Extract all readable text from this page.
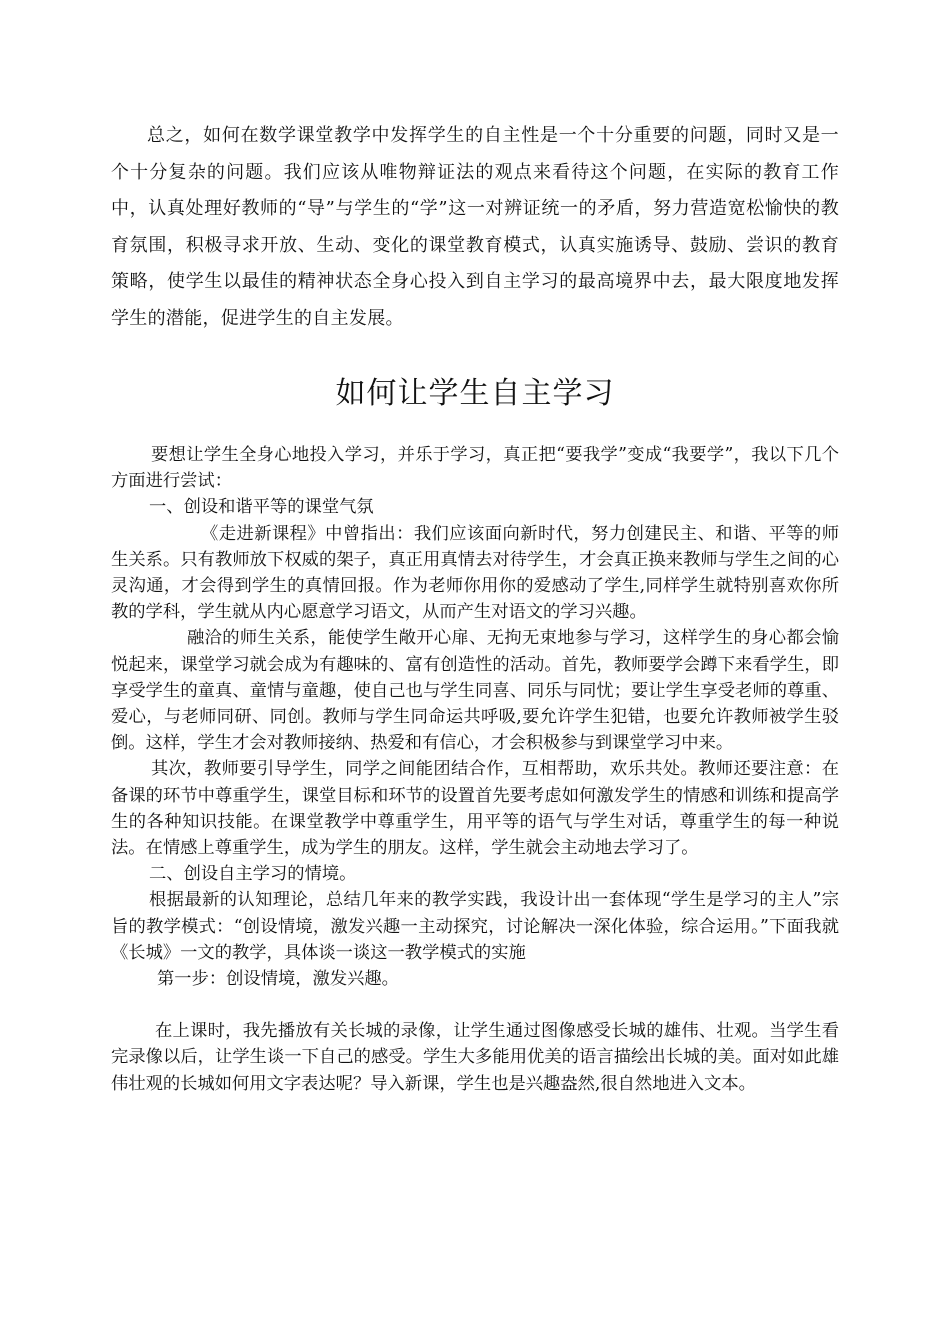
总之，如何在数学课堂教学中发挥学生的自主性是一个十分重要的问题，同时又是一个十分复杂的问题。我们应该从唯物辩证法的观点来看待这个问题，在实际的教育工作中，认真处理好教师的“导”与学生的“学”这一对辨证统一的矛盾，努力营造宽松愉快的教育氛围，积极寻求开放、生动、变化的课堂教育模式，认真实施诱导、鼓励、尝识的教育策略，使学生以最佳的精神状态全身心投入到自主学习的最高境界中去，最大限度地发挥学生的潜能，促进学生的自主发展。

如何让学生自主学习

要想让学生全身心地投入学习，并乐于学习，真正把“要我学”变成“我要学”，我以下几个方面进行尝试：

一、创设和谐平等的课堂气氛

《走进新课程》中曾指出：我们应该面向新时代，努力创建民主、和谐、平等的师生关系。只有教师放下权威的架子，真正用真情去对待学生，才会真正换来教师与学生之间的心灵沟通，才会得到学生的真情回报。作为老师你用你的爱感动了学生,同样学生就特别喜欢你所教的学科，学生就从内心愿意学习语文，从而产生对语文的学习兴趣。

融洽的师生关系，能使学生敞开心扉、无拘无束地参与学习，这样学生的身心都会愉悦起来，课堂学习就会成为有趣味的、富有创造性的活动。首先，教师要学会蹲下来看学生，即享受学生的童真、童情与童趣，使自己也与学生同喜、同乐与同忧；要让学生享受老师的尊重、爱心，与老师同研、同创。教师与学生同命运共呼吸,要允许学生犯错，也要允许教师被学生驳倒。这样，学生才会对教师接纳、热爱和有信心，才会积极参与到课堂学习中来。

其次，教师要引导学生，同学之间能团结合作，互相帮助，欢乐共处。教师还要注意：在备课的环节中尊重学生，课堂目标和环节的设置首先要考虑如何激发学生的情感和训练和提高学生的各种知识技能。在课堂教学中尊重学生，用平等的语气与学生对话，尊重学生的每一种说法。在情感上尊重学生，成为学生的朋友。这样，学生就会主动地去学习了。

二、创设自主学习的情境。

根据最新的认知理论，总结几年来的教学实践，我设计出一套体现“学生是学习的主人”宗旨的教学模式：“创设情境，激发兴趣一主动探究，讨论解决一深化体验，综合运用。”下面我就《长城》一文的教学，具体谈一谈这一教学模式的实施

第一步：创设情境，激发兴趣。

在上课时，我先播放有关长城的录像，让学生通过图像感受长城的雄伟、壮观。当学生看完录像以后，让学生谈一下自己的感受。学生大多能用优美的语言描绘出长城的美。面对如此雄伟壮观的长城如何用文字表达呢？导入新课，学生也是兴趣盎然,很自然地进入文本。
